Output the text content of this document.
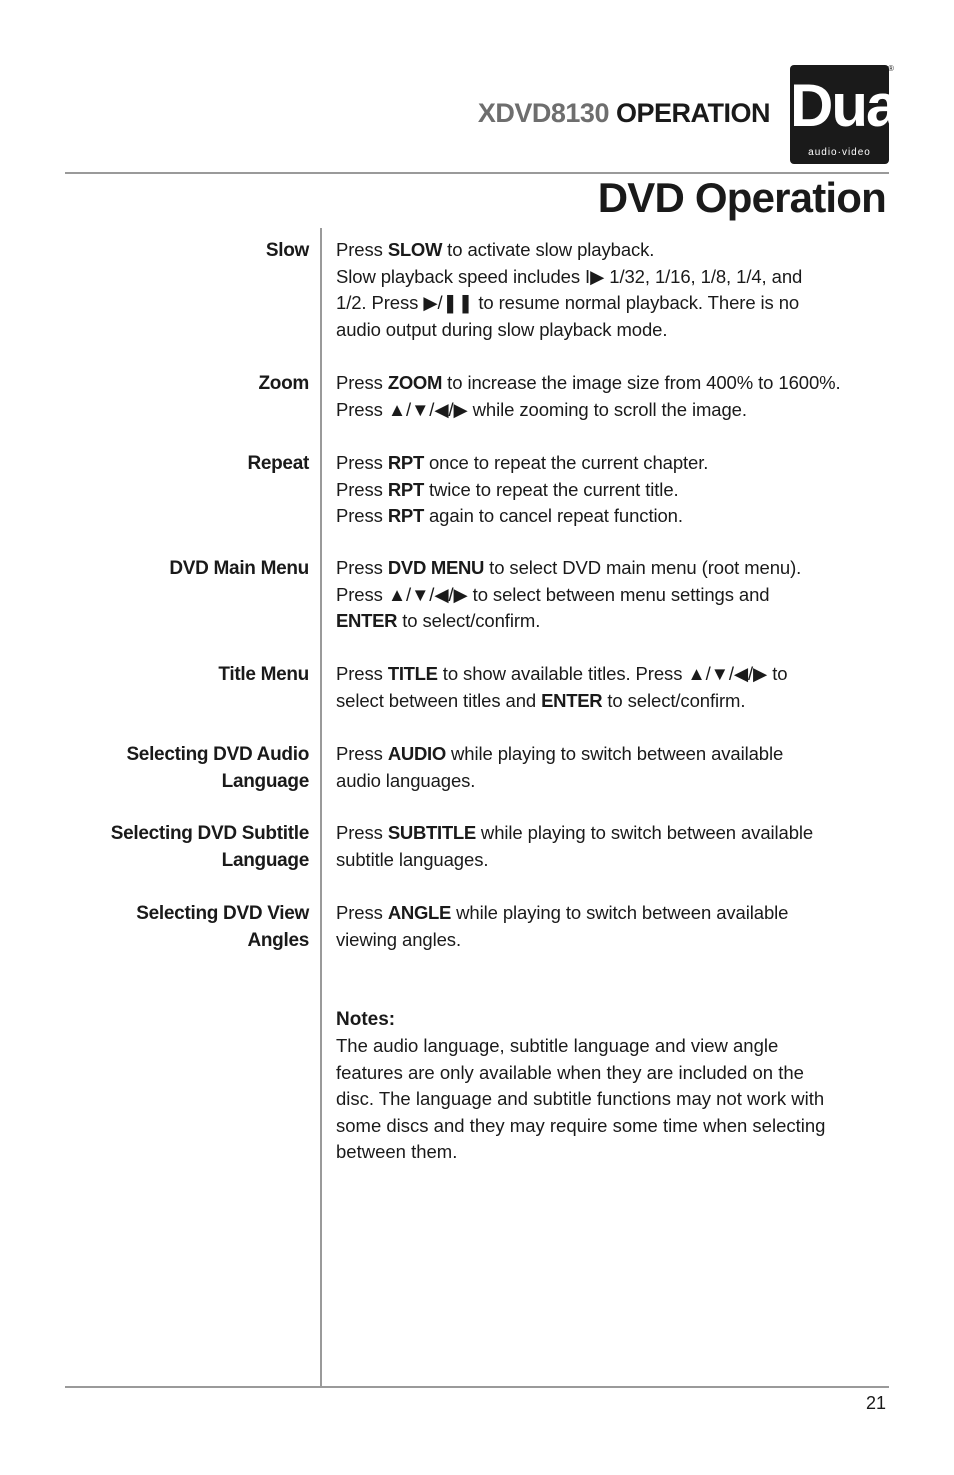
XDVD8130 OPERATION Dual
audio·video
®
DVD Operation
Slow Press SLOW to activate slow playback.
Slow playback speed includes I▶ 1/32, 1/16, 1/8, 1/4, and
1/2. Press ▶/❚❚ to resume normal playback. There is no
audio output during slow playback mode.
Zoom Press ZOOM to increase the image size from 400% to 1600%.
Press ▲/▼/◀/▶ while zooming to scroll the image.
Repeat Press RPT once to repeat the current chapter.
Press RPT twice to repeat the current title.
Press RPT again to cancel repeat function.
DVD Main Menu Press DVD MENU to select DVD main menu (root menu).
Press ▲/▼/◀/▶ to select between menu settings and
ENTER to select/confirm.
Title Menu Press TITLE to show available titles. Press ▲/▼/◀/▶ to
select between titles and ENTER to select/confirm.
Selecting DVD Audio
Language
Press AUDIO while playing to switch between available
audio languages.
Selecting DVD Subtitle
Language
Press SUBTITLE while playing to switch between available
subtitle languages.
Selecting DVD View
Angles
Press ANGLE while playing to switch between available
viewing angles.
Notes:
The audio language, subtitle language and view angle
features are only available when they are included on the
disc. The language and subtitle functions may not work with
some discs and they may require some time when selecting
between them.
21
